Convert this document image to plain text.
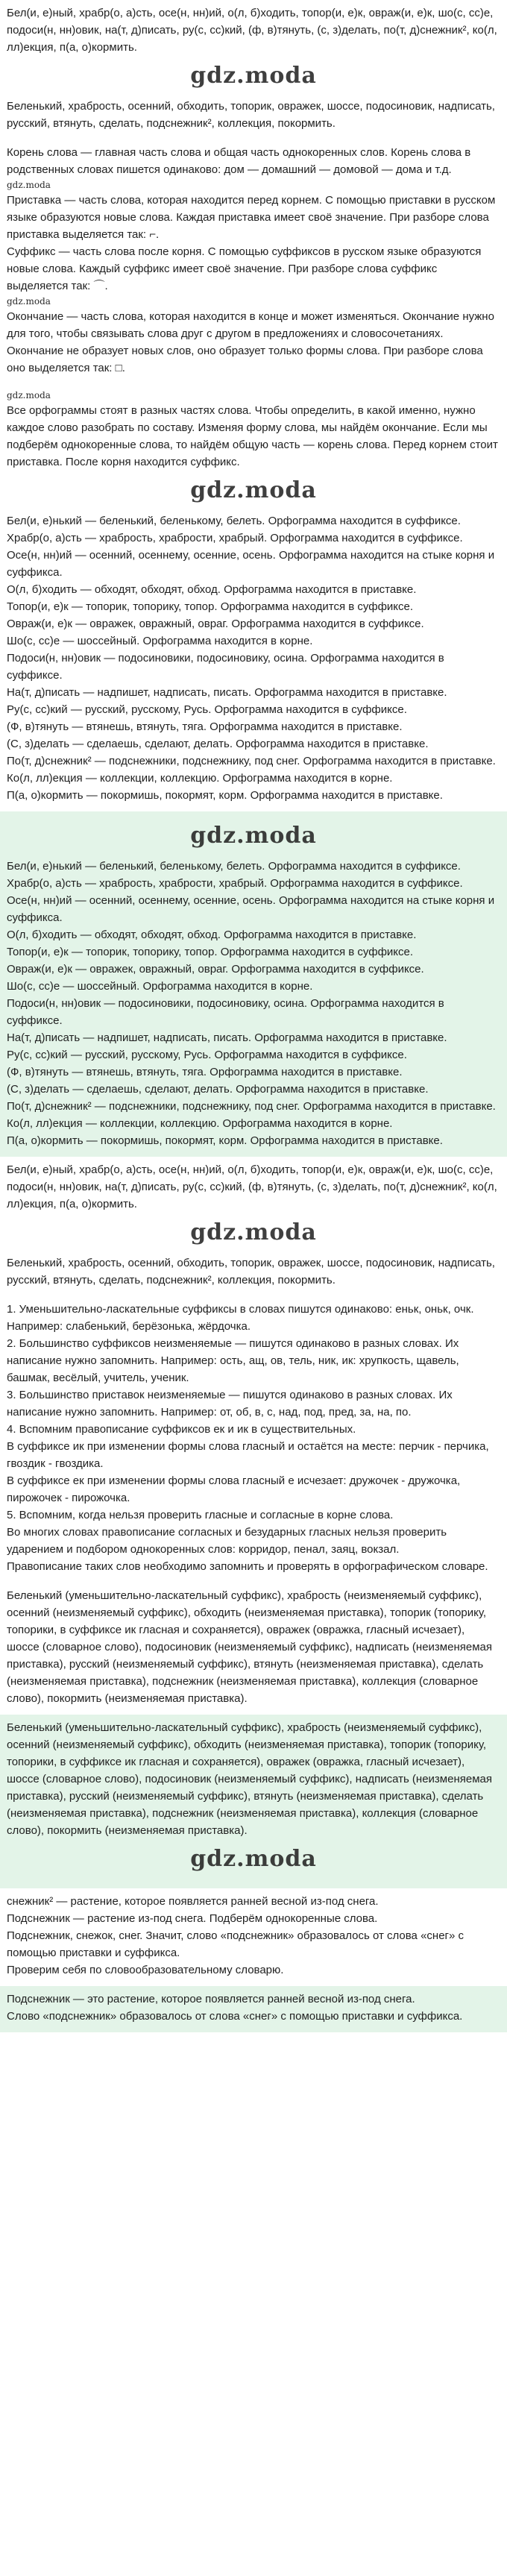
Бел(и, е)ный, храбр(о, а)сть, осе(н, нн)ий, о(л, б)ходить, топор(и, е)к, овраж(и, е)к, шо(с, сс)е, подоси(н, нн)овик, на(т, д)писать, ру(с, сс)кий, (ф, в)тянуть, (с, з)делать, по(т, д)снежник², ко(л, лл)екция, п(а, о)кормить.

gdz.moda

Беленький, храбрость, осенний, обходить, топорик, овражек, шоссе, подосиновик, надписать, русский, втянуть, сделать, подснежник², коллекция, покормить.

Корень слова — главная часть слова и общая часть однокоренных слов. Корень слова в родственных словах пишется одинаково: дом — домашний — домовой — дома и т.д.

gdz.moda

Приставка — часть слова, которая находится перед корнем. С помощью приставки в русском языке образуются новые слова. Каждая приставка имеет своё значение. При разборе слова приставка выделяется так: ⌐.

Суффикс — часть слова после корня. С помощью суффиксов в русском языке образуются новые слова. Каждый суффикс имеет своё значение. При разборе слова суффикс выделяется так: ⌒.

gdz.moda

Окончание — часть слова, которая находится в конце и может изменяться. Окончание нужно для того, чтобы связывать слова друг с другом в предложениях и словосочетаниях. Окончание не образует новых слов, оно образует только формы слова. При разборе слова оно выделяется так: □.

gdz.moda

Все орфограммы стоят в разных частях слова. Чтобы определить, в какой именно, нужно каждое слово разобрать по составу. Изменяя форму слова, мы найдём окончание. Если мы подберём однокоренные слова, то найдём общую часть — корень слова. Перед корнем стоит приставка. После корня находится суффикс.

gdz.moda

Бел(и, е)нький — беленький, беленькому, белеть. Орфограмма находится в суффиксе.

Храбр(о, а)сть — храбрость, храбрости, храбрый. Орфограмма находится в суффиксе.

Осе(н, нн)ий — осенний, осеннему, осенние, осень. Орфограмма находится на стыке корня и суффикса.

О(л, б)ходить — обходят, обходят, обход. Орфограмма находится в приставке.

Топор(и, е)к — топорик, топорику, топор. Орфограмма находится в суффиксе.

Овраж(и, е)к — овражек, овражный, овраг. Орфограмма находится в суффиксе.

Шо(с, сс)е — шоссейный. Орфограмма находится в корне.

Подоси(н, нн)овик — подосиновики, подосиновику, осина. Орфограмма находится в суффиксе.

На(т, д)писать — надпишет, надписать, писать. Орфограмма находится в приставке.

Ру(с, сс)кий — русский, русскому, Русь. Орфограмма находится в суффиксе.

(Ф, в)тянуть — втянешь, втянуть, тяга. Орфограмма находится в приставке.

(С, з)делать — сделаешь, сделают, делать. Орфограмма находится в приставке.

По(т, д)снежник² — подснежники, подснежнику, под снег. Орфограмма находится в приставке.

Ко(л, лл)екция — коллекции, коллекцию. Орфограмма находится в корне.

П(а, о)кормить — покормишь, покормят, корм. Орфограмма находится в приставке.

gdz.moda

Бел(и, е)нький — беленький, беленькому, белеть. Орфограмма находится в суффиксе.

Храбр(о, а)сть — храбрость, храбрости, храбрый. Орфограмма находится в суффиксе.

Осе(н, нн)ий — осенний, осеннему, осенние, осень. Орфограмма находится на стыке корня и суффикса.

О(л, б)ходить — обходят, обходят, обход. Орфограмма находится в приставке.

Топор(и, е)к — топорик, топорику, топор. Орфограмма находится в суффиксе.

Овраж(и, е)к — овражек, овражный, овраг. Орфограмма находится в суффиксе.

Шо(с, сс)е — шоссейный. Орфограмма находится в корне.

Подоси(н, нн)овик — подосиновики, подосиновику, осина. Орфограмма находится в суффиксе.

На(т, д)писать — надпишет, надписать, писать. Орфограмма находится в приставке.

Ру(с, сс)кий — русский, русскому, Русь. Орфограмма находится в суффиксе.

(Ф, в)тянуть — втянешь, втянуть, тяга. Орфограмма находится в приставке.

(С, з)делать — сделаешь, сделают, делать. Орфограмма находится в приставке.

По(т, д)снежник² — подснежники, подснежнику, под снег. Орфограмма находится в приставке.

Ко(л, лл)екция — коллекции, коллекцию. Орфограмма находится в корне.

П(а, о)кормить — покормишь, покормят, корм. Орфограмма находится в приставке.

Бел(и, е)ный, храбр(о, а)сть, осе(н, нн)ий, о(л, б)ходить, топор(и, е)к, овраж(и, е)к, шо(с, сс)е, подоси(н, нн)овик, на(т, д)писать, ру(с, сс)кий, (ф, в)тянуть, (с, з)делать, по(т, д)снежник², ко(л, лл)екция, п(а, о)кормить.

gdz.moda

Беленький, храбрость, осенний, обходить, топорик, овражек, шоссе, подосиновик, надписать, русский, втянуть, сделать, подснежник², коллекция, покормить.

1. Уменьшительно-ласкательные суффиксы в словах пишутся одинаково: еньк, оньк, очк. Например: слабенький, берёзонька, жёрдочка.

2. Большинство суффиксов неизменяемые — пишутся одинаково в разных словах. Их написание нужно запомнить. Например: ость, ащ, ов, тель, ник, ик: хрупкость, щавель, башмак, весёлый, учитель, ученик.

3. Большинство приставок неизменяемые — пишутся одинаково в разных словах. Их написание нужно запомнить. Например: от, об, в, с, над, под, пред, за, на, по.

4. Вспомним правописание суффиксов ек и ик в существительных.

В суффиксе ик при изменении формы слова гласный и остаётся на месте: перчик - перчика, гвоздик - гвоздика.

В суффиксе ек при изменении формы слова гласный е исчезает: дружочек - дружочка, пирожочек - пирожочка.

5. Вспомним, когда нельзя проверить гласные и согласные в корне слова.

Во многих словах правописание согласных и безударных гласных нельзя проверить ударением и подбором однокоренных слов: корридор, пенал, заяц, вокзал.

Правописание таких слов необходимо запомнить и проверять в орфографическом словаре.

Беленький (уменьшительно-ласкательный суффикс), храбрость (неизменяемый суффикс), осенний (неизменяемый суффикс), обходить (неизменяемая приставка), топорик (топорику, топорики, в суффиксе ик гласная и сохраняется), овражек (овражка, гласный исчезает), шоссе (словарное слово), подосиновик (неизменяемый суффикс), надписать (неизменяемая приставка), русский (неизменяемый суффикс), втянуть (неизменяемая приставка), сделать (неизменяемая приставка), подснежник (неизменяемая приставка), коллекция (словарное слово), покормить (неизменяемая приставка).

Беленький (уменьшительно-ласкательный суффикс), храбрость (неизменяемый суффикс), осенний (неизменяемый суффикс), обходить (неизменяемая приставка), топорик (топорику, топорики, в суффиксе ик гласная и сохраняется), овражек (овражка, гласный исчезает), шоссе (словарное слово), подосиновик (неизменяемый суффикс), надписать (неизменяемая приставка), русский (неизменяемый суффикс), втянуть (неизменяемая приставка), сделать (неизменяемая приставка), подснежник (неизменяемая приставка), коллекция (словарное слово), покормить (неизменяемая приставка).

gdz.moda

снежник² — растение, которое появляется ранней весной из-под снега.

Подснежник — растение из-под снега. Подберём однокоренные слова.

Подснежник, снежок, снег. Значит, слово «подснежник» образовалось от слова «снег» с помощью приставки и суффикса.

Проверим себя по словообразовательному словарю.

Подснежник — это растение, которое появляется ранней весной из-под снега.

Слово «подснежник» образовалось от слова «снег» с помощью приставки и суффикса.
